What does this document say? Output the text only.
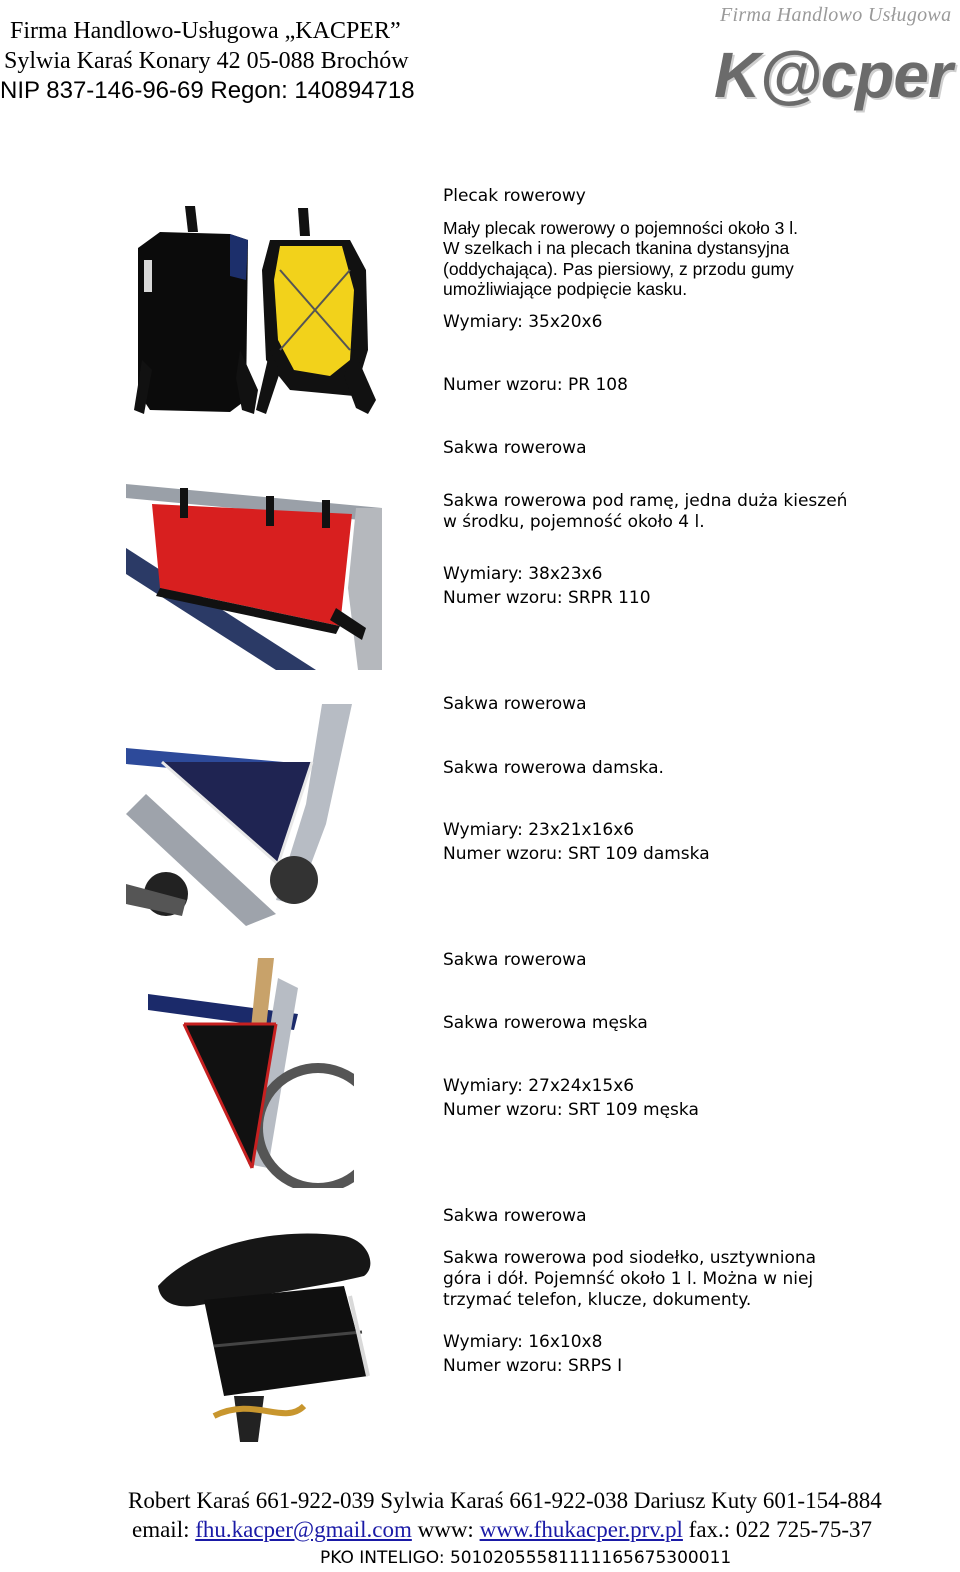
Firma Handlowo-Usługowa „KACPER”
Sylwia Karaś Konary 42 05-088 Brochów
NIP 837-146-96-69 Regon: 140894718
Firma Handlowo Usługowa
K@cper
Plecak rowerowy
Mały plecak rowerowy o pojemności około 3 l.
W szelkach i na plecach tkanina dystansyjna
(oddychająca). Pas piersiowy, z przodu gumy
umożliwiające podpięcie kasku.
Wymiary: 35x20x6
Numer wzoru: PR 108
Sakwa rowerowa
Sakwa rowerowa pod ramę, jedna duża kieszeń
w środku, pojemność około 4 l.
Wymiary: 38x23x6
Numer wzoru: SRPR 110
Sakwa rowerowa
Sakwa rowerowa damska.
Wymiary: 23x21x16x6
Numer wzoru: SRT 109 damska
Sakwa rowerowa
Sakwa rowerowa męska
Wymiary: 27x24x15x6
Numer wzoru: SRT 109 męska
Sakwa rowerowa
Sakwa rowerowa pod siodełko, usztywniona
góra i dół. Pojemnść około 1 l. Można w niej
trzymać telefon, klucze, dokumenty.
Wymiary: 16x10x8
Numer wzoru: SRPS I
Robert Karaś 661-922-039 Sylwia Karaś 661-922-038 Dariusz Kuty 601-154-884
email: fhu.kacper@gmail.com www: www.fhukacper.prv.pl fax.: 022 725-75-37
PKO INTELIGO: 50102055581111165675300011
